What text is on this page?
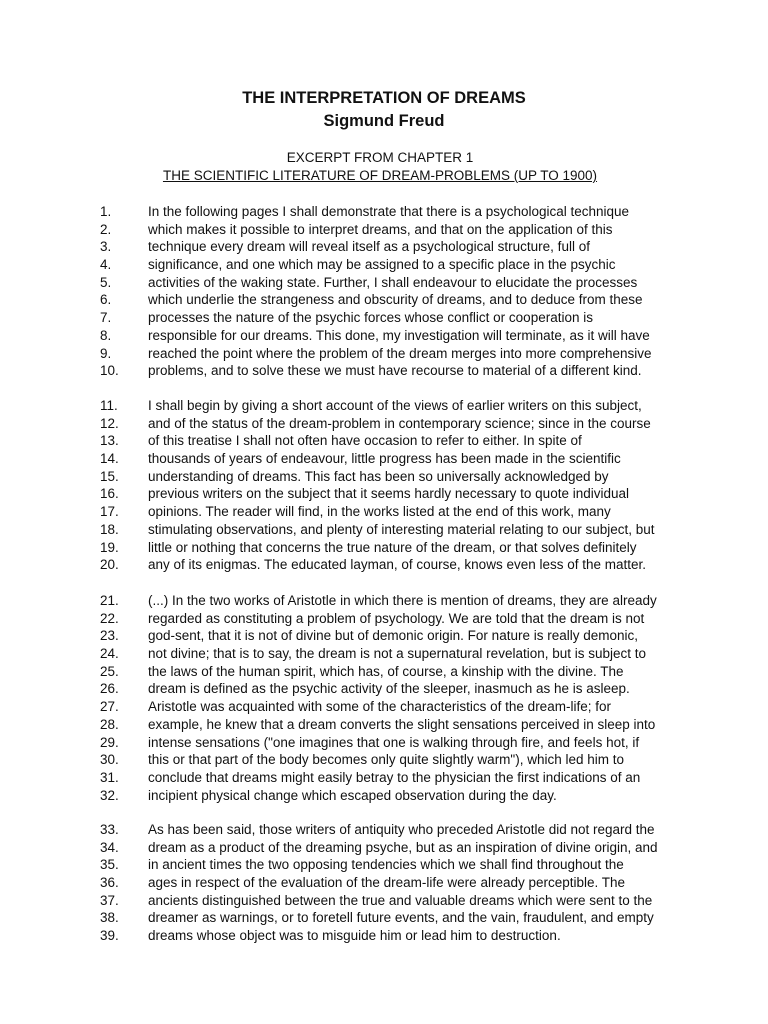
THE INTERPRETATION OF DREAMS
Sigmund Freud

EXCERPT FROM CHAPTER 1

THE SCIENTIFIC LITERATURE OF DREAM-PROBLEMS (UP TO 1900)

1.	In the following pages I shall demonstrate that there is a psychological technique
2.	which makes it possible to interpret dreams, and that on the application of this
3.	technique every dream will reveal itself as a psychological structure, full of
4.	significance, and one which may be assigned to a specific place in the psychic
5.	activities of the waking state. Further, I shall endeavour to elucidate the processes
6.	which underlie the strangeness and obscurity of dreams, and to deduce from these
7.	processes the nature of the psychic forces whose conflict or cooperation is
8.	responsible for our dreams. This done, my investigation will terminate, as it will have
9.	reached the point where the problem of the dream merges into more comprehensive
10. problems, and to solve these we must have recourse to material of a different kind.
11. I shall begin by giving a short account of the views of earlier writers on this subject,
12. and of the status of the dream-problem in contemporary science; since in the course
13. of this treatise I shall not often have occasion to refer to either. In spite of
14. thousands of years of endeavour, little progress has been made in the scientific
15. understanding of dreams. This fact has been so universally acknowledged by
16. previous writers on the subject that it seems hardly necessary to quote individual
17. opinions. The reader will find, in the works listed at the end of this work, many
18. stimulating observations, and plenty of interesting material relating to our subject, but
19. little or nothing that concerns the true nature of the dream, or that solves definitely
20. any of its enigmas. The educated layman, of course, knows even less of the matter.
21. (...) In the two works of Aristotle in which there is mention of dreams, they are already
22. regarded as constituting a problem of psychology. We are told that the dream is not
23. god-sent, that it is not of divine but of demonic origin. For nature is really demonic,
24. not divine; that is to say, the dream is not a supernatural revelation, but is subject to
25. the laws of the human spirit, which has, of course, a kinship with the divine. The
26. dream is defined as the psychic activity of the sleeper, inasmuch as he is asleep.
27. Aristotle was acquainted with some of the characteristics of the dream-life; for
28. example, he knew that a dream converts the slight sensations perceived in sleep into
29. intense sensations ("one imagines that one is walking through fire, and feels hot, if
30. this or that part of the body becomes only quite slightly warm"), which led him to
31. conclude that dreams might easily betray to the physician the first indications of an
32. incipient physical change which escaped observation during the day.
33. As has been said, those writers of antiquity who preceded Aristotle did not regard the
34. dream as a product of the dreaming psyche, but as an inspiration of divine origin, and
35. in ancient times the two opposing tendencies which we shall find throughout the
36. ages in respect of the evaluation of the dream-life were already perceptible. The
37. ancients distinguished between the true and valuable dreams which were sent to the
38. dreamer as warnings, or to foretell future events, and the vain, fraudulent, and empty
39. dreams whose object was to misguide him or lead him to destruction.
